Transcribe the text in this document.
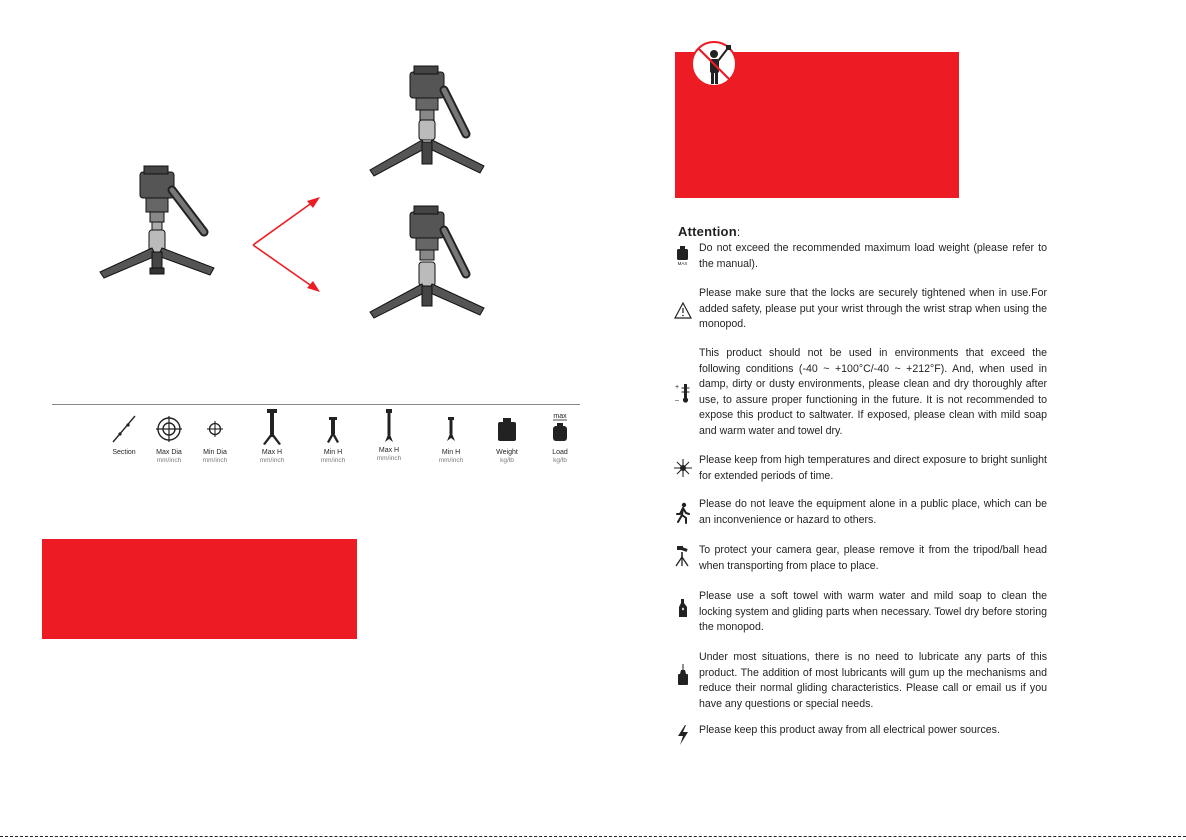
Section	Max Dia
mm/inch
Min Dia
mm/inch
Max H
mm/inch
Min H
mm/inch
Max H
mm/inch
Min H
mm/inch
Weight
kg/lb
max
Load
kg/lb
Attention:
MAX
Do not exceed the recommended maximum load weight (please refer to the manual).
Please make sure that the locks are securely tightened when in use.For added safety, please put your wrist through the wrist strap when using the monopod.
+
–
This product should not be used in environments that exceed the following conditions (-40 ~ +100°C/-40 ~ +212°F). And, when used in damp, dirty or dusty environments, please clean and dry thoroughly after use, to assure proper functioning in the future. It is not recommended to expose this product to saltwater. If exposed, please clean with mild soap and warm water and towel dry.
Please keep from high temperatures and direct exposure to bright sunlight for extended periods of time.
Please do not leave the equipment alone in a public place, which can be an inconvenience or hazard to others.
To protect your camera gear, please remove it from the tripod/ball head when transporting from place to place.
Please use a soft towel with warm water and mild soap to clean the locking system and gliding parts when necessary. Towel dry before storing the monopod.
Under most situations, there is no need to lubricate any parts of this product. The addition of most lubricants will gum up the mechanisms and reduce their normal gliding characteristics. Please call or email us if you have any questions or special needs.
Please keep this product away from all electrical power sources.
